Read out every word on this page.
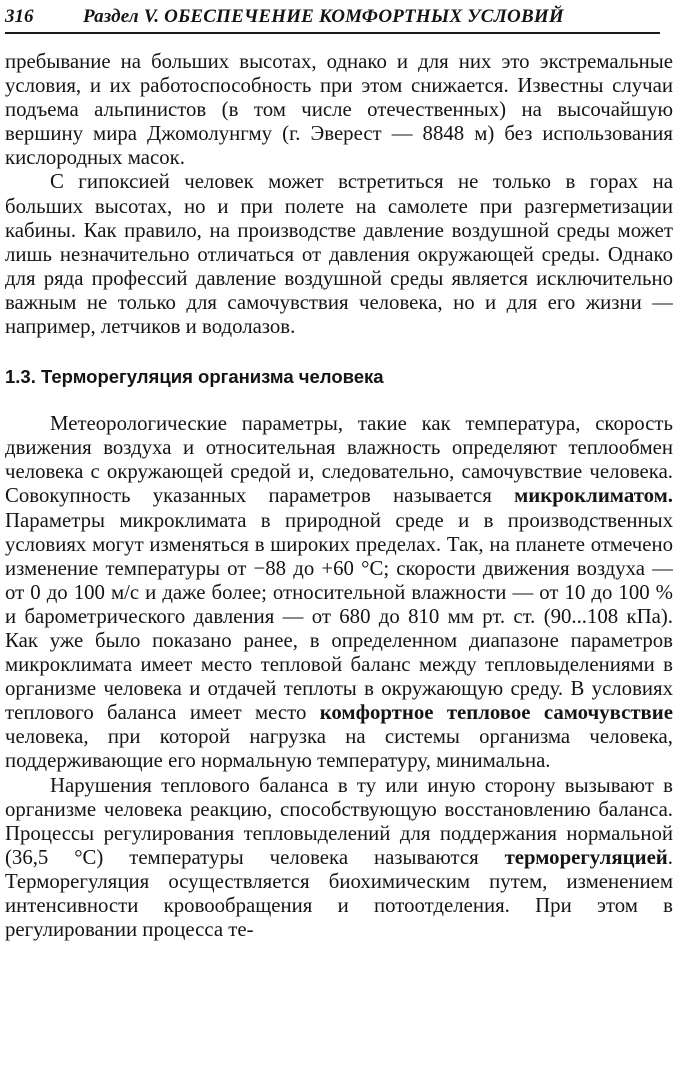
316	Раздел V. ОБЕСПЕЧЕНИЕ КОМФОРТНЫХ УСЛОВИЙ

пребывание на больших высотах, однако и для них это экстремальные условия, и их работоспособность при этом снижается. Известны случаи подъема альпинистов (в том числе отечественных) на высочайшую вершину мира Джомолунгму (г. Эверест — 8848 м) без использования кислородных масок.

С гипоксией человек может встретиться не только в горах на больших высотах, но и при полете на самолете при разгерметизации кабины. Как правило, на производстве давление воздушной среды может лишь незначительно отличаться от давления окружающей среды. Однако для ряда профессий давление воздушной среды является исключительно важным не только для самочувствия человека, но и для его жизни — например, летчиков и водолазов.

1.3. Терморегуляция организма человека

Метеорологические параметры, такие как температура, скорость движения воздуха и относительная влажность определяют теплообмен человека с окружающей средой и, следовательно, самочувствие человека. Совокупность указанных параметров называется микроклиматом. Параметры микроклимата в природной среде и в производственных условиях могут изменяться в широких пределах. Так, на планете отмечено изменение температуры от −88 до +60 °С; скорости движения воздуха — от 0 до 100 м/с и даже более; относительной влажности — от 10 до 100 % и барометрического давления — от 680 до 810 мм рт. ст. (90...108 кПа). Как уже было показано ранее, в определенном диапазоне параметров микроклимата имеет место тепловой баланс между тепловыделениями в организме человека и отдачей теплоты в окружающую среду. В условиях теплового баланса имеет место комфортное тепловое самочувствие человека, при которой нагрузка на системы организма человека, поддерживающие его нормальную температуру, минимальна.

Нарушения теплового баланса в ту или иную сторону вызывают в организме человека реакцию, способствующую восстановлению баланса. Процессы регулирования тепловыделений для поддержания нормальной (36,5 °С) температуры человека называются терморегуляцией. Терморегуляция осуществляется биохимическим путем, изменением интенсивности кровообращения и потоотделения. При этом в регулировании процесса те-
